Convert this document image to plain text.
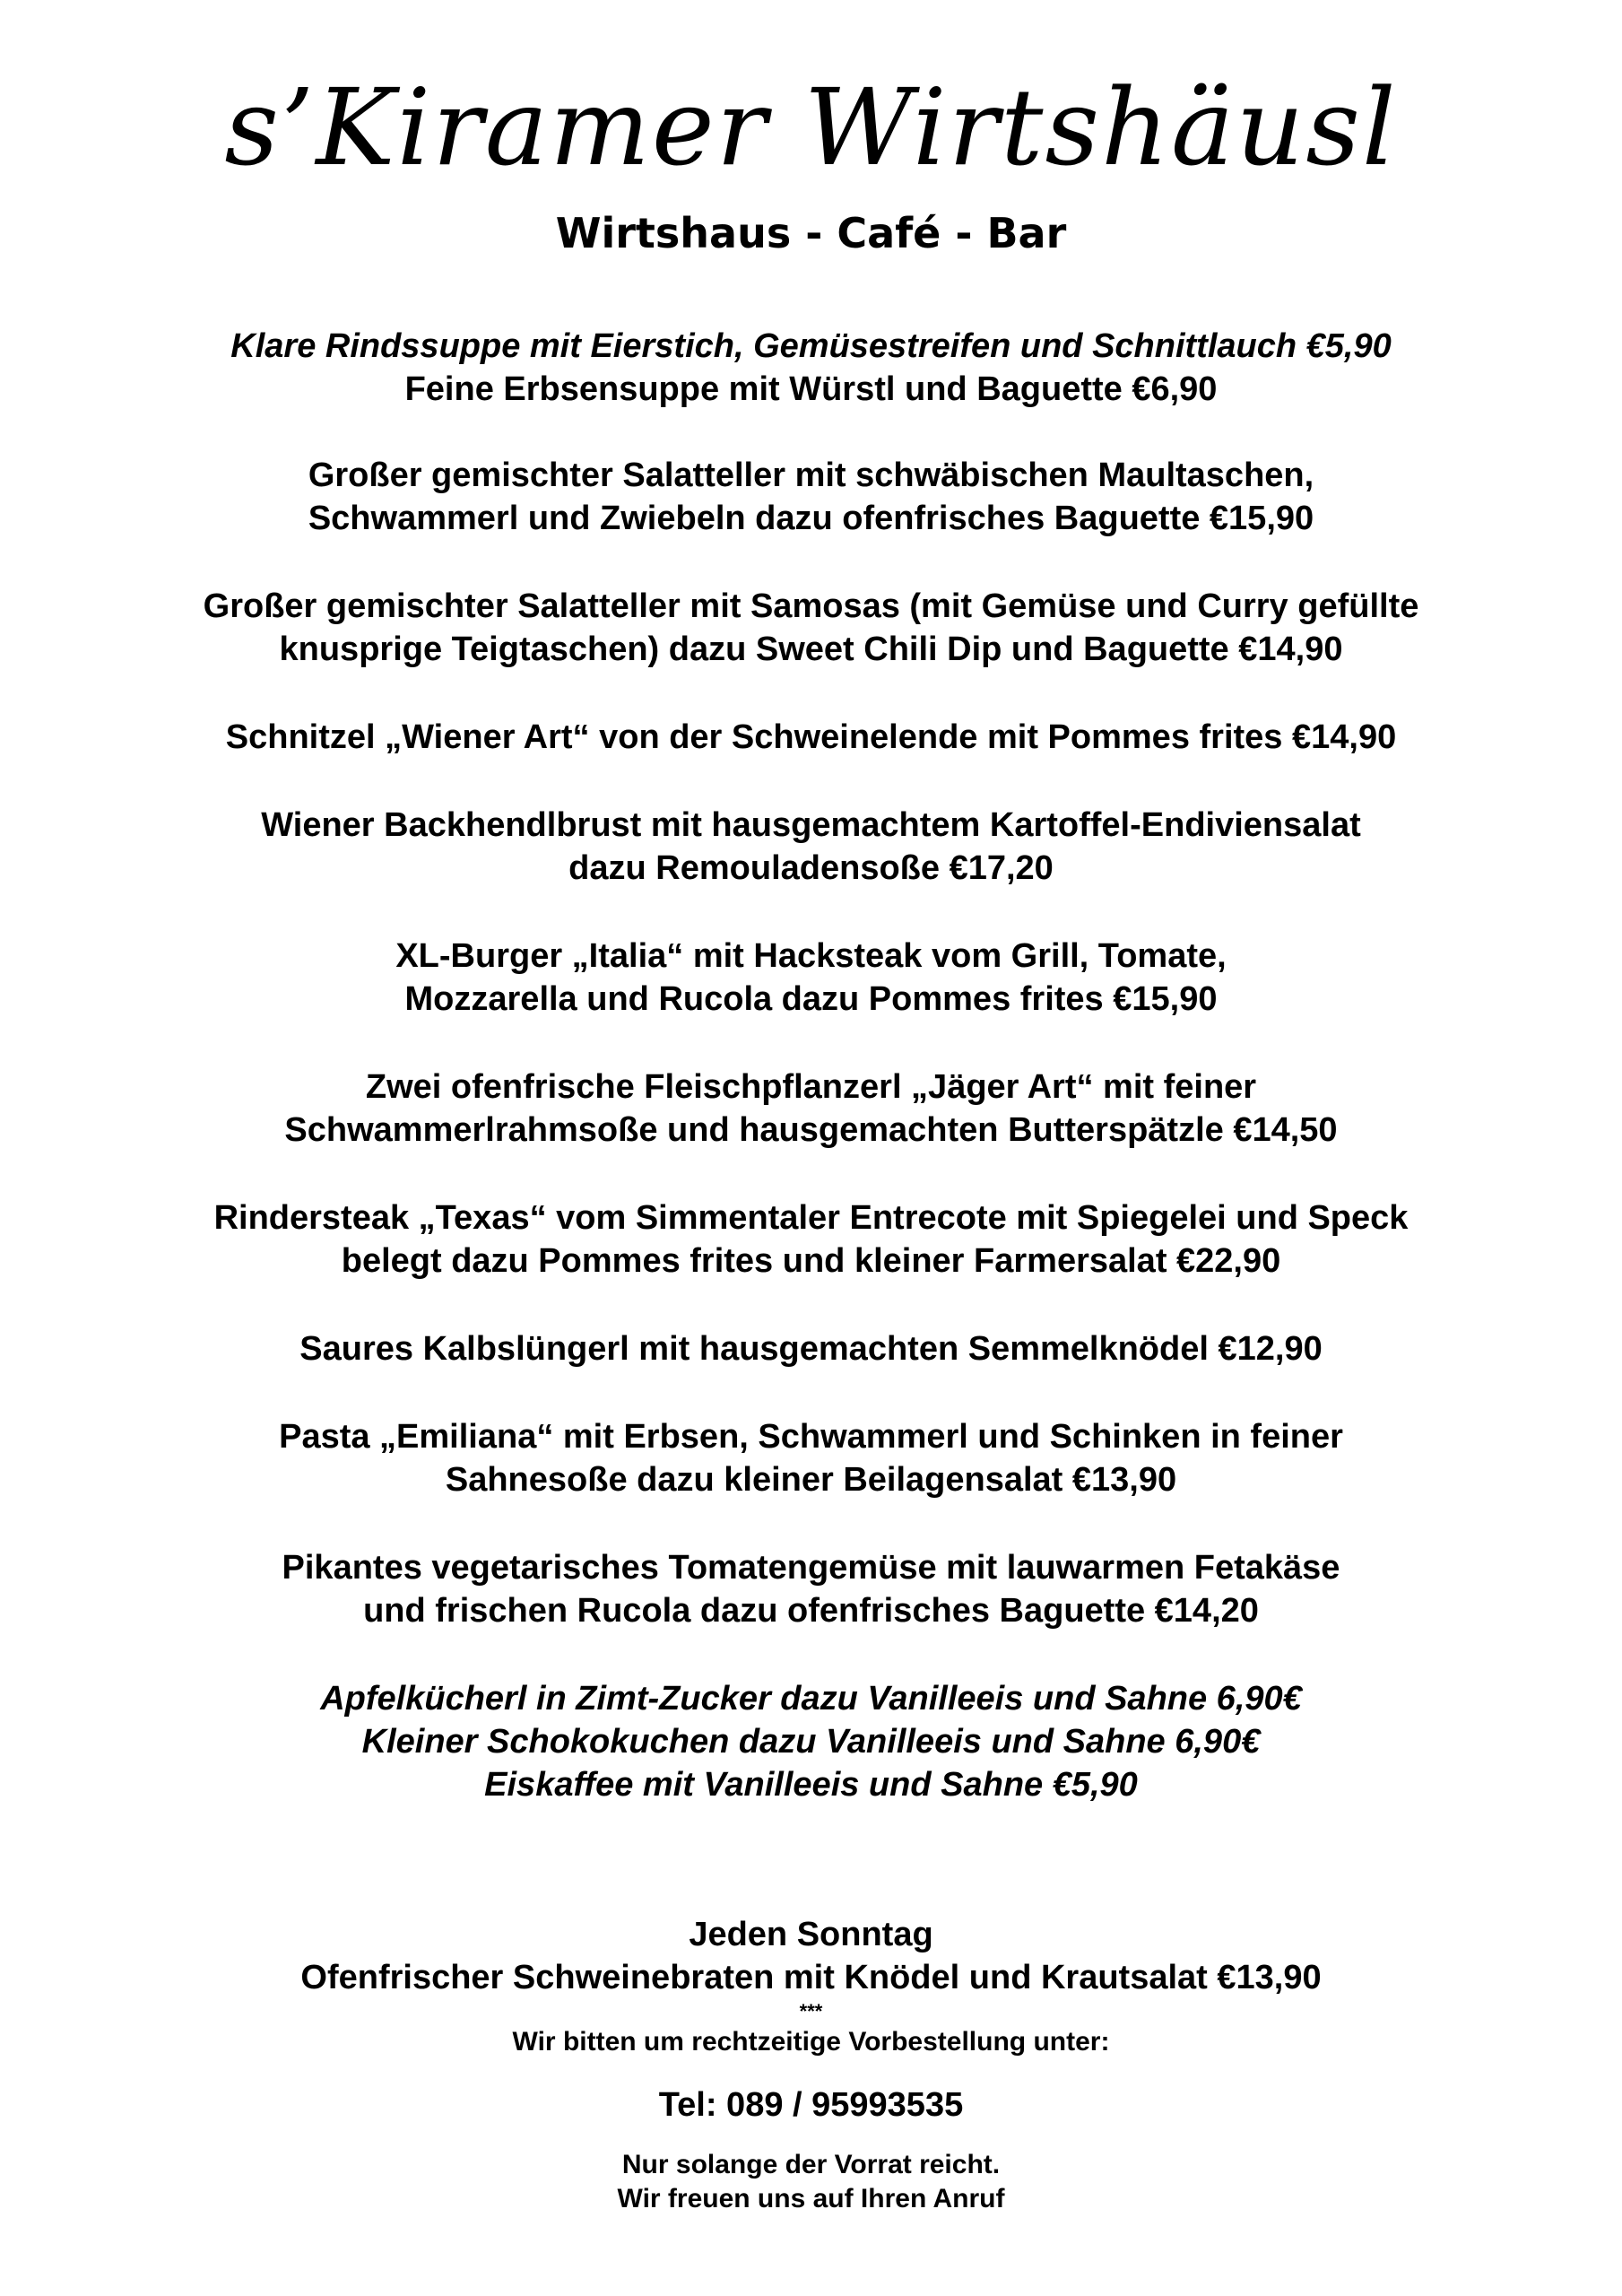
s’Kiramer Wirtshäusl
Wirtshaus - Café - Bar
Klare Rindssuppe mit Eierstich, Gemüsestreifen und Schnittlauch €5,90
Feine Erbsensuppe mit Würstl und Baguette €6,90
Großer gemischter Salatteller mit schwäbischen Maultaschen,
Schwammerl und Zwiebeln dazu ofenfrisches Baguette €15,90
Großer gemischter Salatteller mit Samosas (mit Gemüse und Curry gefüllte
knusprige Teigtaschen) dazu Sweet Chili Dip und Baguette €14,90
Schnitzel „Wiener Art“ von der Schweinelende mit Pommes frites €14,90
Wiener Backhendlbrust mit hausgemachtem Kartoffel-Endiviensalat
dazu Remouladensoße €17,20
XL-Burger „Italia“ mit Hacksteak vom Grill, Tomate,
Mozzarella und Rucola dazu Pommes frites €15,90
Zwei ofenfrische Fleischpflanzerl „Jäger Art“ mit feiner
Schwammerlrahmsoße und hausgemachten Butterspätzle €14,50
Rindersteak „Texas“ vom Simmentaler Entrecote mit Spiegelei und Speck
belegt dazu Pommes frites und kleiner Farmersalat €22,90
Saures Kalbslüngerl mit hausgemachten Semmelknödel €12,90
Pasta „Emiliana“ mit Erbsen, Schwammerl und Schinken in feiner
Sahnesoße dazu kleiner Beilagensalat €13,90
Pikantes vegetarisches Tomatengemüse mit lauwarmen Fetakäse
und frischen Rucola dazu ofenfrisches Baguette €14,20
Apfelkücherl in Zimt-Zucker dazu Vanilleeis und Sahne 6,90€
Kleiner Schokokuchen dazu Vanilleeis und Sahne 6,90€
Eiskaffee mit Vanilleeis und Sahne €5,90
Jeden Sonntag
Ofenfrischer Schweinebraten mit Knödel und Krautsalat €13,90
***
Wir bitten um rechtzeitige Vorbestellung unter:
Tel: 089 / 95993535
Nur solange der Vorrat reicht.
Wir freuen uns auf Ihren Anruf
